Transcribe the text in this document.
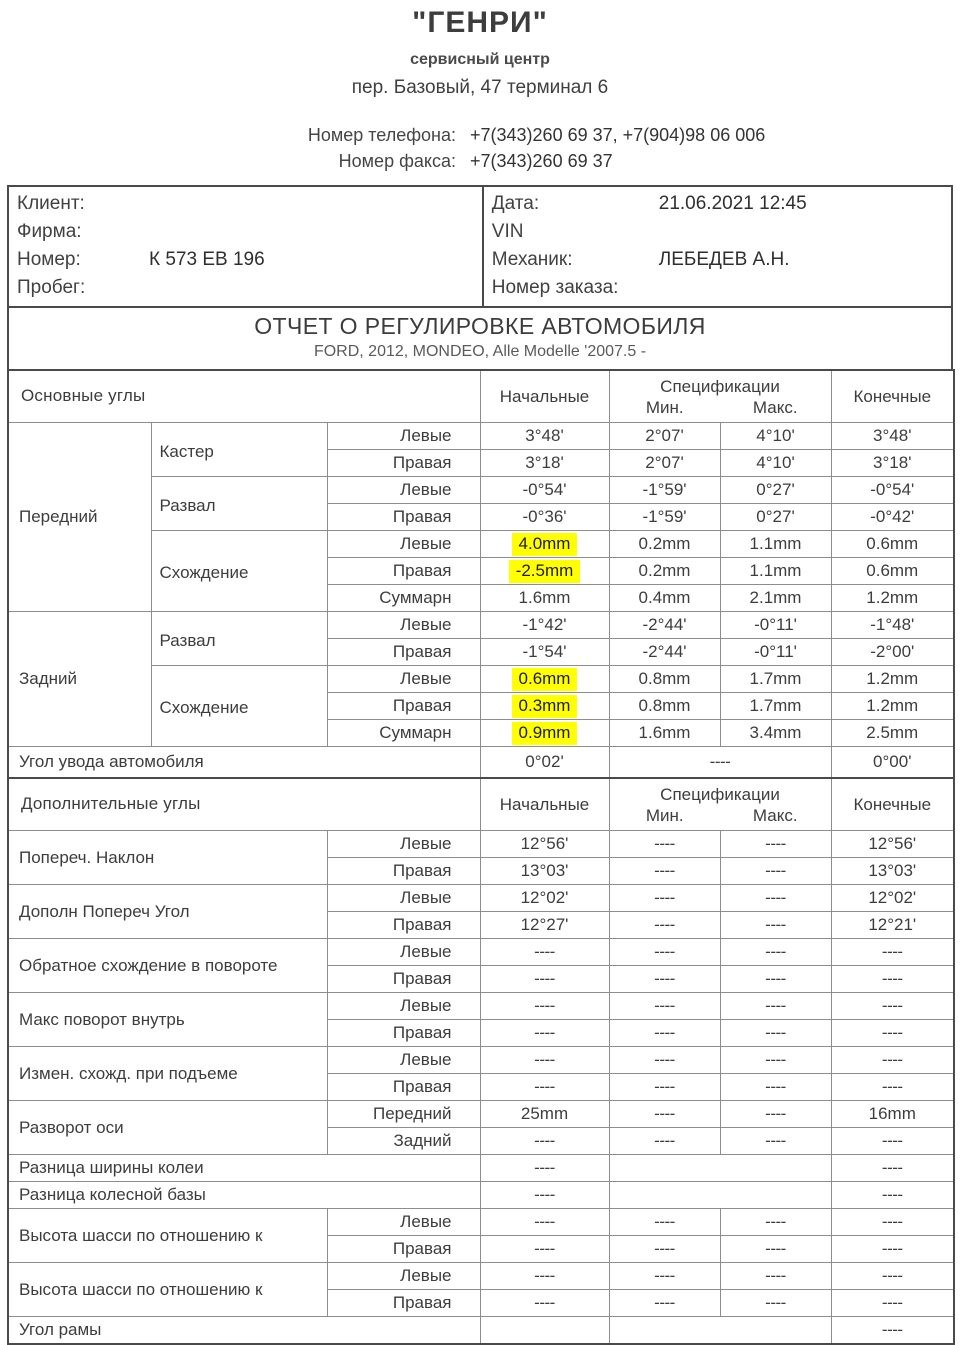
"ГЕНРИ"
сервисный центр
пер. Базовый, 47 терминал 6
Номер телефона: +7(343)260 69 37, +7(904)98 06 006
Номер факса: +7(343)260 69 37
Клиент:
Фирма:
Номер:	К 573 ЕВ 196
Пробег:
Дата:	21.06.2021 12:45
VIN
Механик:	ЛЕБЕДЕВ А.Н.
Номер заказа:
ОТЧЕТ О РЕГУЛИРОВКЕ АВТОМОБИЛЯ
FORD, 2012, MONDEO, Alle Modelle '2007.5 -
Основные углы			Начальные	Спецификации
Мин. Макс.		Конечные
Передний	Кастер	Левые	3°48'	2°07'	4°10'	3°48'
		Правая	3°18'	2°07'	4°10'	3°18'
	Развал	Левые	-0°54'	-1°59'	0°27'	-0°54'
		Правая	-0°36'	-1°59'	0°27'	-0°42'
	Схождение	Левые	4.0mm	0.2mm	1.1mm	0.6mm
		Правая	-2.5mm	0.2mm	1.1mm	0.6mm
		Суммарн	1.6mm	0.4mm	2.1mm	1.2mm
Задний	Развал	Левые	-1°42'	-2°44'	-0°11'	-1°48'
		Правая	-1°54'	-2°44'	-0°11'	-2°00'
	Схождение	Левые	0.6mm	0.8mm	1.7mm	1.2mm
		Правая	0.3mm	0.8mm	1.7mm	1.2mm
		Суммарн	0.9mm	1.6mm	3.4mm	2.5mm
Угол увода автомобиля			0°02'	----		0°00'
Дополнительные углы			Начальные	Спецификации
Мин. Макс.		Конечные
Попереч. Наклон		Левые	12°56'	----	----	12°56'
		Правая	13°03'	----	----	13°03'
Дополн Попереч Угол		Левые	12°02'	----	----	12°02'
		Правая	12°27'	----	----	12°21'
Обратное схождение в повороте		Левые	----	----	----	----
		Правая	----	----	----	----
Макс поворот внутрь		Левые	----	----	----	----
		Правая	----	----	----	----
Измен. схожд. при подъеме		Левые	----	----	----	----
		Правая	----	----	----	----
Разворот оси		Передний	25mm	----	----	16mm
		Задний	----	----	----	----
Разница ширины колеи			----			----
Разница колесной базы			----			----
Высота шасси по отношению к		Левые	----	----	----	----
		Правая	----	----	----	----
Высота шасси по отношению к		Левые	----	----	----	----
		Правая	----	----	----	----
Угол рамы						----
